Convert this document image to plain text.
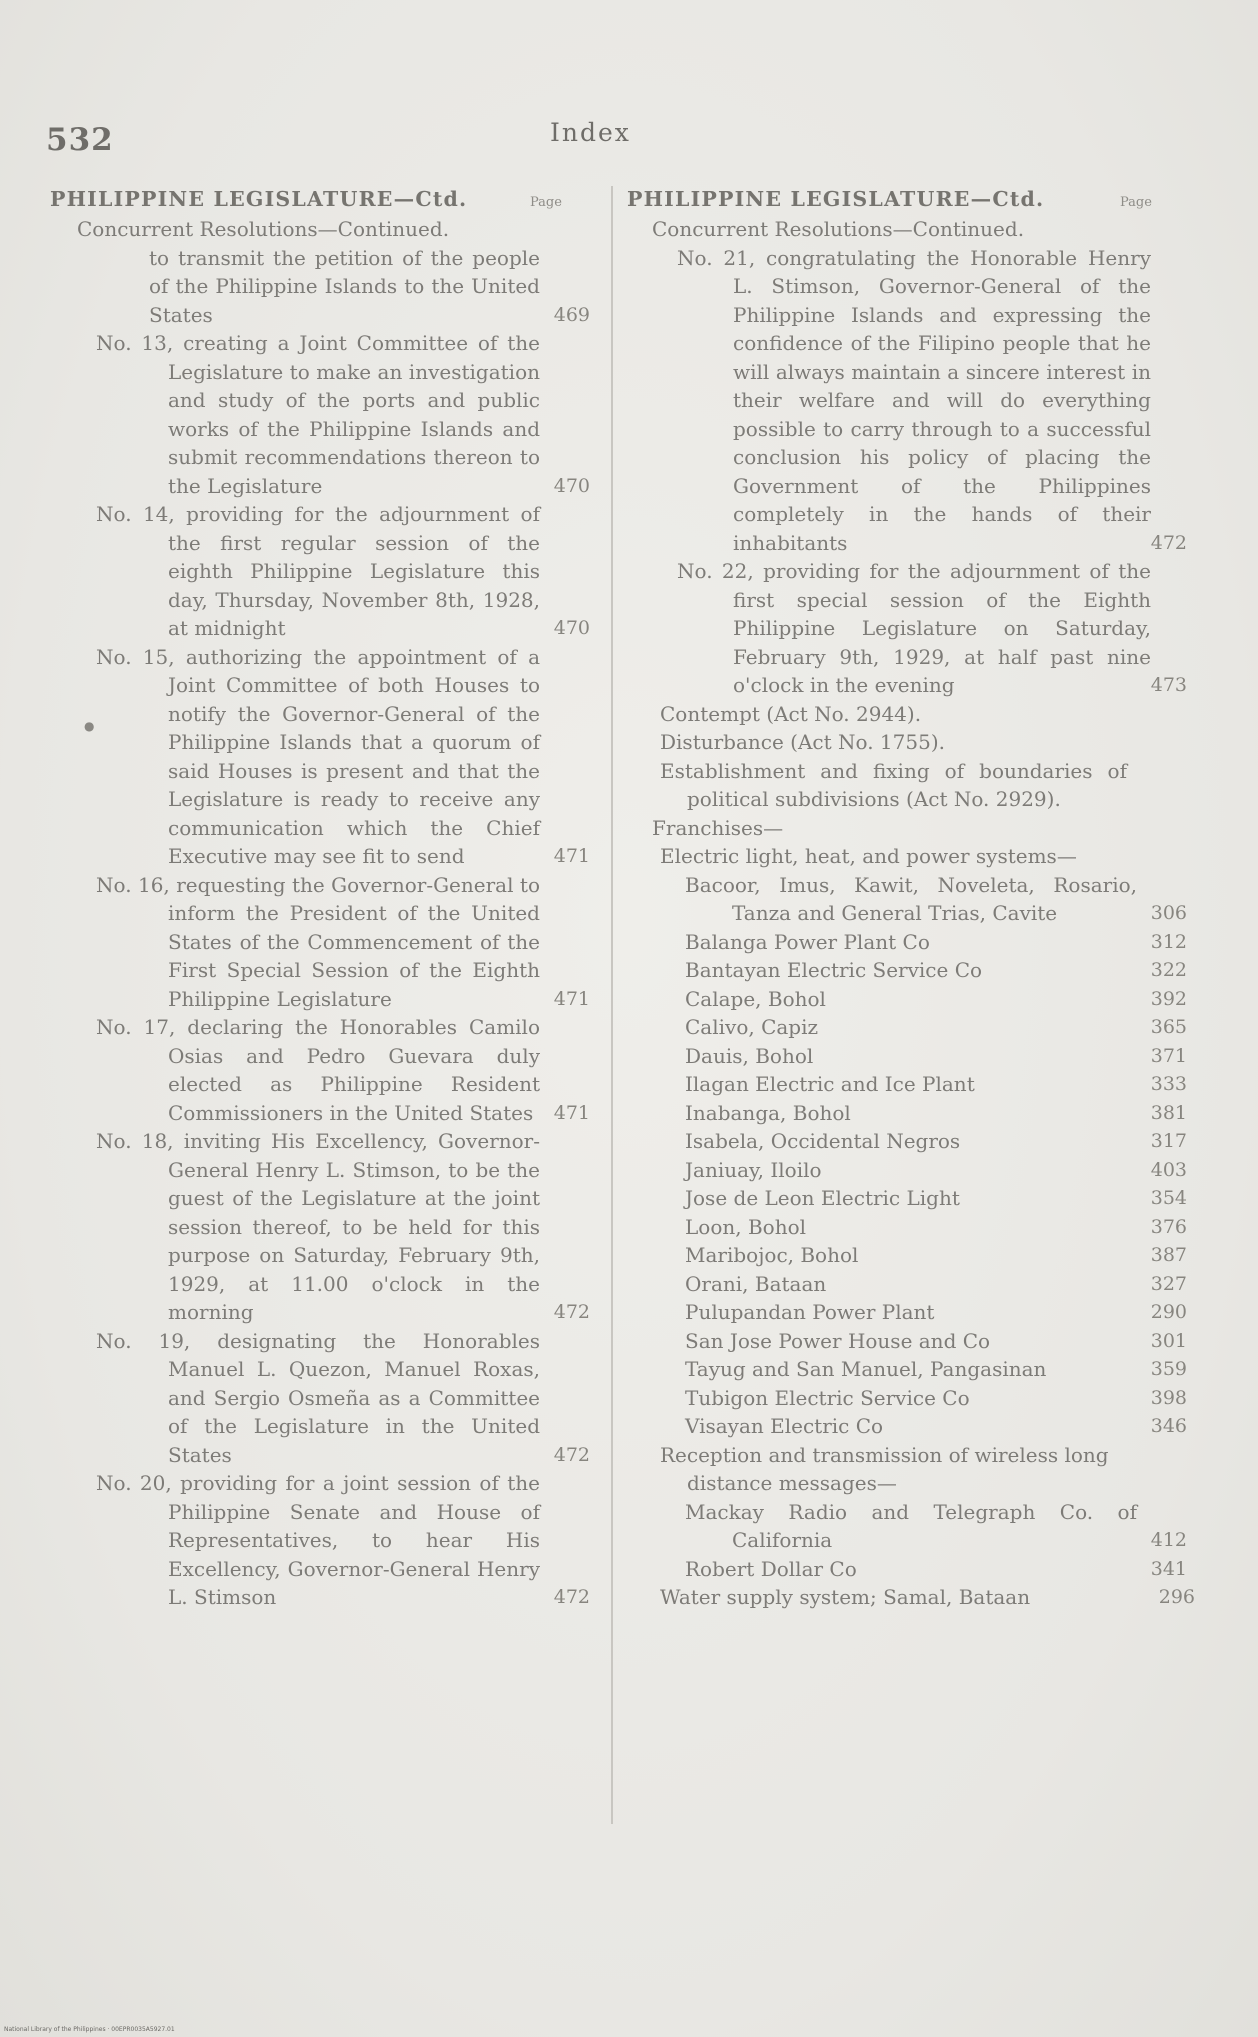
532	Index
PHILIPPINE LEGISLATURE—Ctd.	Page
Concurrent Resolutions—Continued.
to transmit the petition of the people of the Philippine Islands to the United States	469
No. 13, creating a Joint Committee of the Legislature to make an investigation and study of the ports and public works of the Philippine Islands and submit recommendations thereon to the Legislature	470
No. 14, providing for the adjournment of the first regular session of the eighth Philippine Legislature this day, Thursday, November 8th, 1928, at midnight	470
No. 15, authorizing the appointment of a Joint Committee of both Houses to notify the Governor-General of the Philippine Islands that a quorum of said Houses is present and that the Legislature is ready to receive any communication which the Chief Executive may see fit to send	471
No. 16, requesting the Governor-General to inform the President of the United States of the Commencement of the First Special Session of the Eighth Philippine Legislature	471
No. 17, declaring the Honorables Camilo Osias and Pedro Guevara duly elected as Philippine Resident Commissioners in the United States	471
No. 18, inviting His Excellency, Governor-General Henry L. Stimson, to be the guest of the Legislature at the joint session thereof, to be held for this purpose on Saturday, February 9th, 1929, at 11.00 o'clock in the morning	472
No. 19, designating the Honorables Manuel L. Quezon, Manuel Roxas, and Sergio Osmeña as a Committee of the Legislature in the United States	472
No. 20, providing for a joint session of the Philippine Senate and House of Representatives, to hear His Excellency, Governor-General Henry L. Stimson	472
PHILIPPINE LEGISLATURE—Ctd.	Page
Concurrent Resolutions—Continued.
No. 21, congratulating the Honorable Henry L. Stimson, Governor-General of the Philippine Islands and expressing the confidence of the Filipino people that he will always maintain a sincere interest in their welfare and will do everything possible to carry through to a successful conclusion his policy of placing the Government of the Philippines completely in the hands of their inhabitants	472
No. 22, providing for the adjournment of the first special session of the Eighth Philippine Legislature on Saturday, February 9th, 1929, at half past nine o'clock in the evening	473
Contempt (Act No. 2944).
Disturbance (Act No. 1755).
Establishment and fixing of boundaries of political subdivisions (Act No. 2929).
Franchises—
Electric light, heat, and power systems—
Bacoor, Imus, Kawit, Noveleta, Rosario, Tanza and General Trias, Cavite	306
Balanga Power Plant Co	312
Bantayan Electric Service Co	322
Calape, Bohol	392
Calivo, Capiz	365
Dauis, Bohol	371
Ilagan Electric and Ice Plant	333
Inabanga, Bohol	381
Isabela, Occidental Negros	317
Janiuay, Iloilo	403
Jose de Leon Electric Light	354
Loon, Bohol	376
Maribojoc, Bohol	387
Orani, Bataan	327
Pulupandan Power Plant	290
San Jose Power House and Co	301
Tayug and San Manuel, Pangasinan	359
Tubigon Electric Service Co	398
Visayan Electric Co	346
Reception and transmission of wireless long distance messages—
Mackay Radio and Telegraph Co. of California	412
Robert Dollar Co	341
Water supply system; Samal, Bataan	296
●
National Library of the Philippines · 00EPR0035A5927.01
